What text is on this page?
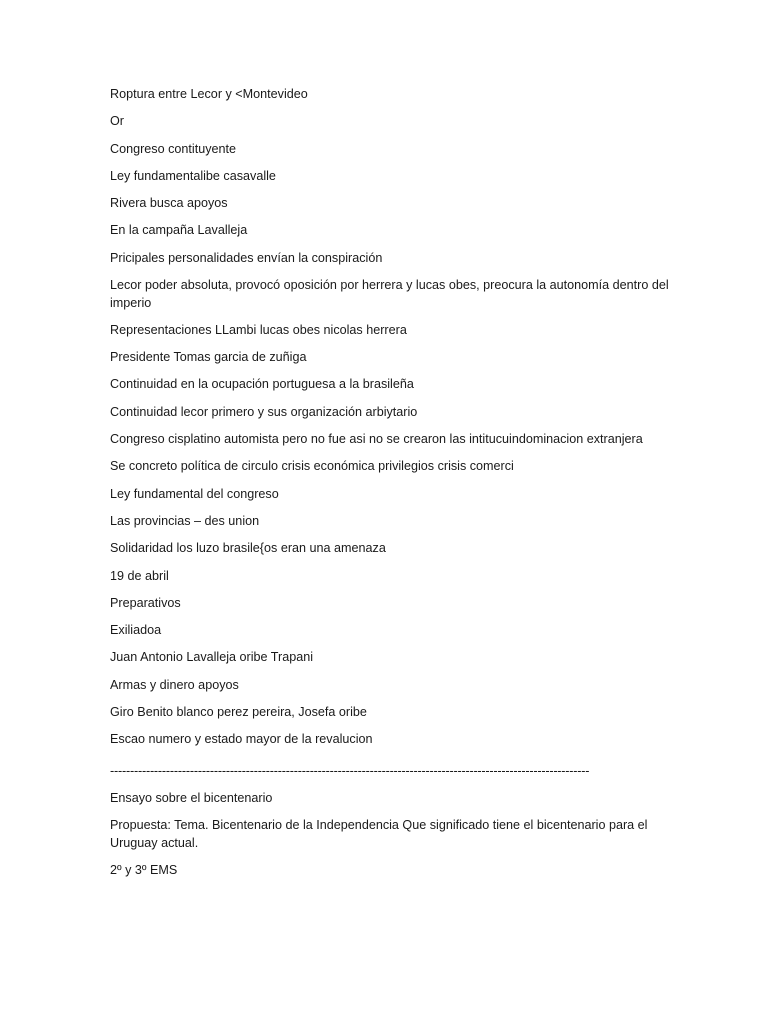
Roptura entre Lecor y <Montevideo

Or

Congreso contituyente

Ley fundamentalibe casavalle

Rivera busca apoyos

En la campaña Lavalleja

Pricipales personalidades envían la conspiración

Lecor poder absoluta, provocó oposición por herrera y lucas obes, preocura la autonomía dentro del imperio

Representaciones LLambi lucas obes nicolas herrera

Presidente Tomas garcia de zuñiga

Continuidad en la ocupación portuguesa a la brasileña

Continuidad lecor primero y sus organización arbiytario

Congreso cisplatino automista pero no fue asi no se crearon las intitucuindominacion extranjera

Se concreto política de circulo crisis económica privilegios crisis comerci

Ley fundamental del congreso

Las provincias – des union

Solidaridad los luzo brasile{os eran una amenaza

19 de abril

Preparativos

Exiliadoa

Juan Antonio Lavalleja oribe Trapani

Armas y dinero apoyos

Giro Benito blanco perez pereira, Josefa oribe

Escao numero y estado mayor de la revalucion

------------------------------------------------------------------------------------------------------------------------

Ensayo sobre el bicentenario

Propuesta: Tema. Bicentenario de la Independencia Que significado tiene el bicentenario para el Uruguay actual.

2º y 3º EMS
